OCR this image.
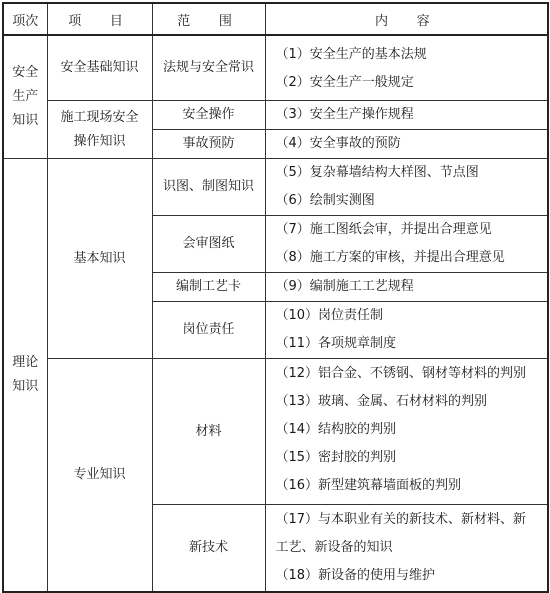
项次	项　目	范　围	内　容
安全生产知识	安全基础知识	法规与安全常识	（1）安全生产的基本法规
（2）安全生产一般规定

	施工现场安全操作知识	安全操作	（3）安全生产操作规程

		事故预防	（4）安全事故的预防

理论知识	基本知识	识图、制图知识	（5）复杂幕墙结构大样图、节点图
（6）绘制实测图

		会审图纸	（7）施工图纸会审，并提出合理意见
（8）施工方案的审核，并提出合理意见

		编制工艺卡	（9）编制施工工艺规程

		岗位责任	（10）岗位责任制
（11）各项规章制度

	专业知识	材料	（12）铝合金、不锈钢、钢材等材料的判别
（13）玻璃、金属、石材材料的判别
（14）结构胶的判别
（15）密封胶的判别
（16）新型建筑幕墙面板的判别

		新技术	（17）与本职业有关的新技术、新材料、新工艺、新设备的知识
（18）新设备的使用与维护
